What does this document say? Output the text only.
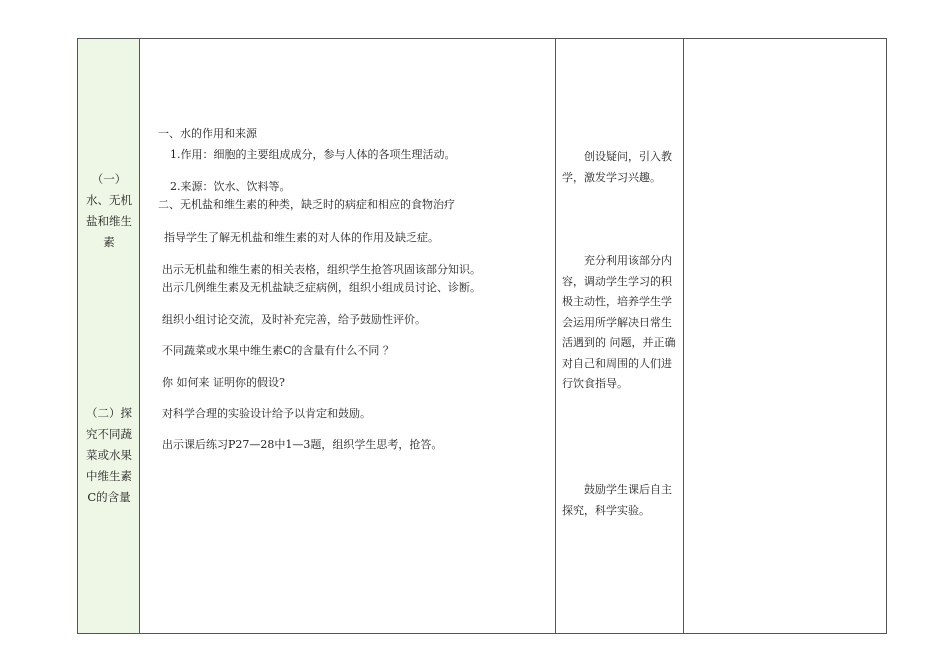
（一）水、无机盐和维生素
（二）探究不同蔬菜或水果中维生素C的含量
一、水的作用和来源
1.作用：细胞的主要组成成分，参与人体的各项生理活动。
2.来源：饮水、饮料等。
二、无机盐和维生素的种类，缺乏时的病症和相应的食物治疗
指导学生了解无机盐和维生素的对人体的作用及缺乏症。
出示无机盐和维生素的相关表格，组织学生抢答巩固该部分知识。
出示几例维生素及无机盐缺乏症病例，组织小组成员讨论、诊断。
组织小组讨论交流，及时补充完善，给予鼓励性评价。
不同蔬菜或水果中维生素C的含量有什么不同 ？
你 如何来 证明你的假设?
对科学合理的实验设计给予以肯定和鼓励。
出示课后练习P27—28中1—3题，组织学生思考，抢答。
创设疑问，引入教学，激发学习兴趣。
充分利用该部分内容，调动学生学习的积极主动性，培养学生学会运用所学解决日常生活遇到的 问题，并正确对自己和周围的人们进行饮食指导。
鼓励学生课后自主探究，科学实验。
